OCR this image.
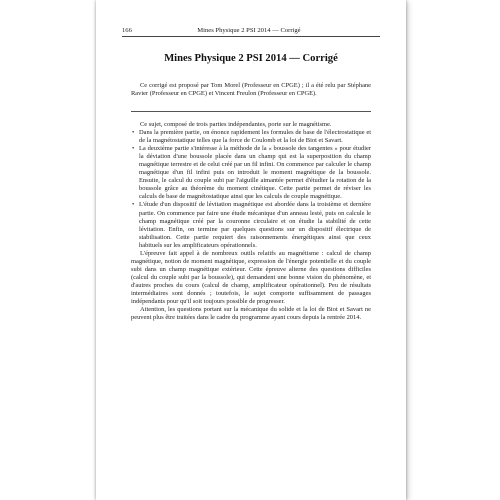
166	Mines Physique 2 PSI 2014 — Corrigé
Mines Physique 2 PSI 2014 — Corrigé
Ce corrigé est proposé par Tom Morel (Professeur en CPGE) ; il a été relu par Stéphane Ravier (Professeur en CPGE) et Vincent Freulon (Professeur en CPGE).

Ce sujet, composé de trois parties indépendantes, porte sur le magnétisme.

• Dans la première partie, on énonce rapidement les formules de base de l'électrostatique et de la magnétostatique telles que la force de Coulomb et la loi de Biot et Savart.
• La deuxième partie s'intéresse à la méthode de la « boussole des tangentes » pour étudier la déviation d'une boussole placée dans un champ qui est la superposition du champ magnétique terrestre et de celui créé par un fil infini. On commence par calculer le champ magnétique d'un fil infini puis on introduit le moment magnétique de la boussole. Ensuite, le calcul du couple subi par l'aiguille aimantée permet d'étudier la rotation de la boussole grâce au théorème du moment cinétique. Cette partie permet de réviser les calculs de base de magnétostatique ainsi que les calculs de couple magnétique.
• L'étude d'un dispositif de lévitation magnétique est abordée dans la troisième et dernière partie. On commence par faire une étude mécanique d'un anneau lesté, puis on calcule le champ magnétique créé par la couronne circulaire et on étudie la stabilité de cette lévitation. Enfin, on termine par quelques questions sur un dispositif électrique de stabilisation. Cette partie requiert des raisonnements énergétiques ainsi que ceux habituels sur les amplificateurs opérationnels.

L'épreuve fait appel à de nombreux outils relatifs au magnétisme : calcul de champ magnétique, notion de moment magnétique, expression de l'énergie potentielle et du couple subi dans un champ magnétique extérieur. Cette épreuve alterne des questions difficiles (calcul du couple subi par la boussole), qui demandent une bonne vision du phénomène, et d'autres proches du cours (calcul de champ, amplificateur opérationnel). Peu de résultats intermédiaires sont donnés ; toutefois, le sujet comporte suffisamment de passages indépendants pour qu'il soit toujours possible de progresser.

Attention, les questions portant sur la mécanique du solide et la loi de Biot et Savart ne peuvent plus être traitées dans le cadre du programme ayant cours depuis la rentrée 2014.
